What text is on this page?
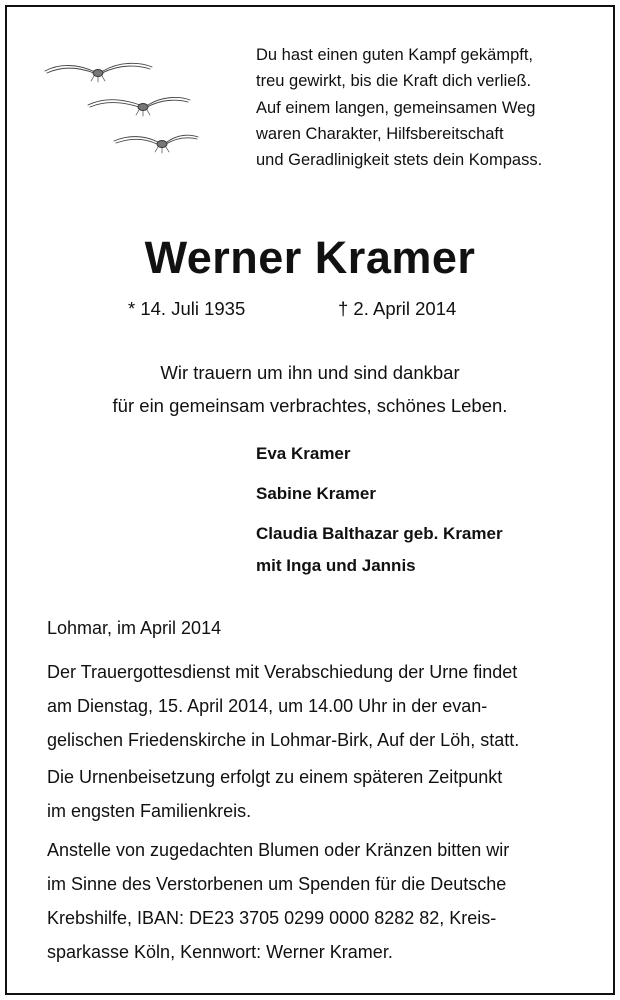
Du hast einen guten Kampf gekämpft,
treu gewirkt, bis die Kraft dich verließ.
Auf einem langen, gemeinsamen Weg
waren Charakter, Hilfsbereitschaft
und Geradlinigkeit stets dein Kompass.
Werner Kramer
* 14. Juli 1935	† 2. April 2014
Wir trauern um ihn und sind dankbar
für ein gemeinsam verbrachtes, schönes Leben.
Eva Kramer
Sabine Kramer
Claudia Balthazar geb. Kramer
mit Inga und Jannis
Lohmar, im April 2014
Der Trauergottesdienst mit Verabschiedung der Urne findet
am Dienstag, 15. April 2014, um 14.00 Uhr in der evan-
gelischen Friedenskirche in Lohmar-Birk, Auf der Löh, statt.
Die Urnenbeisetzung erfolgt zu einem späteren Zeitpunkt
im engsten Familienkreis.
Anstelle von zugedachten Blumen oder Kränzen bitten wir
im Sinne des Verstorbenen um Spenden für die Deutsche
Krebshilfe, IBAN: DE23 3705 0299 0000 8282 82, Kreis-
sparkasse Köln, Kennwort: Werner Kramer.
